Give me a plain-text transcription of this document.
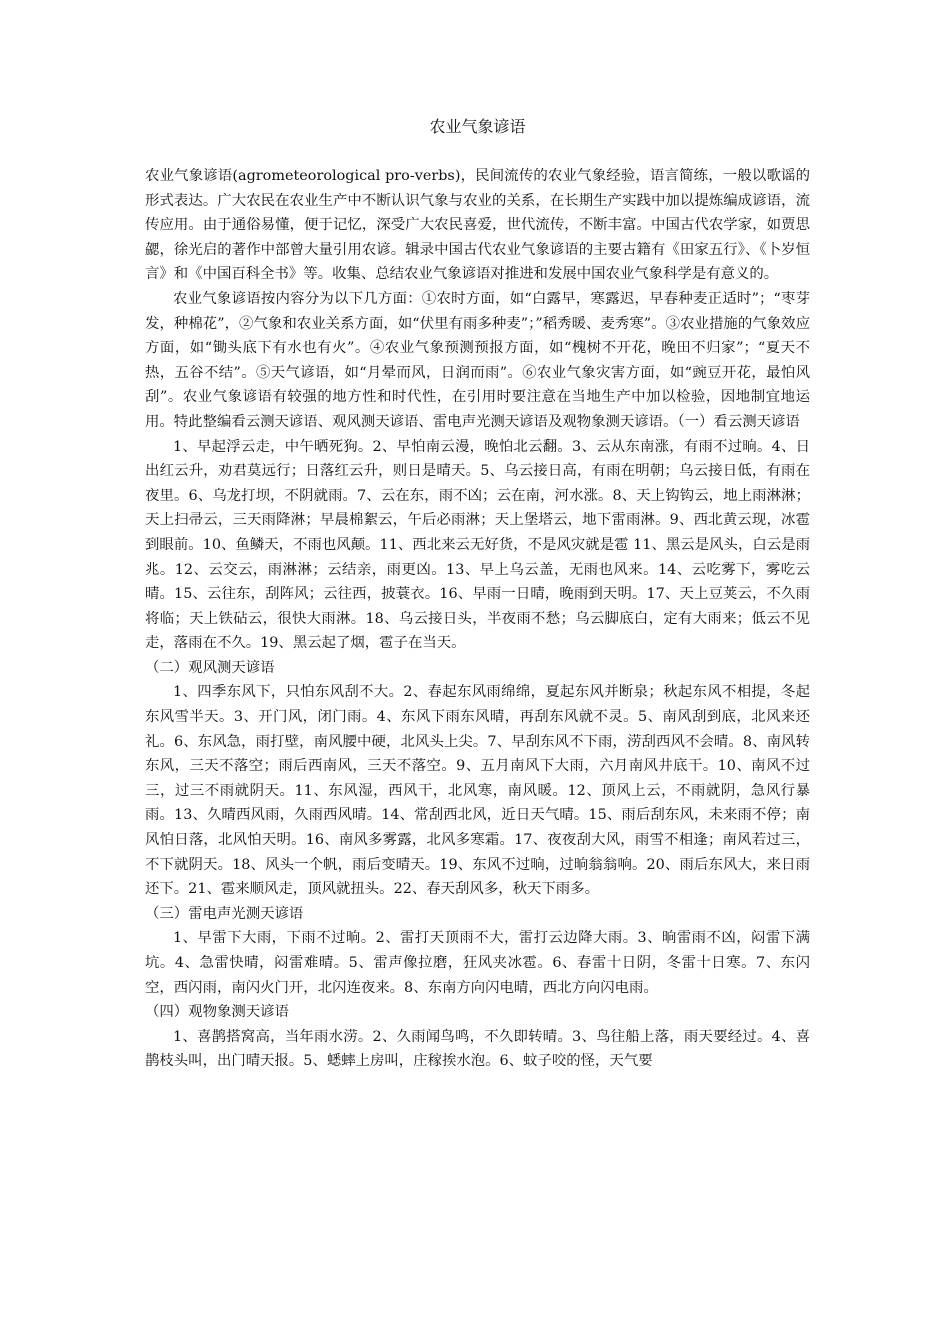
农业气象谚语

农业气象谚语(agrometeorological pro-verbs)，民间流传的农业气象经验，语言简练，一般以歌谣的形式表达。广大农民在农业生产中不断认识气象与农业的关系，在长期生产实践中加以提炼编成谚语，流传应用。由于通俗易懂，便于记忆，深受广大农民喜爱，世代流传，不断丰富。中国古代农学家，如贾思勰，徐光启的著作中部曾大量引用农谚。辑录中国古代农业气象谚语的主要古籍有《田家五行》、《卜岁恒言》和《中国百科全书》等。收集、总结农业气象谚语对推进和发展中国农业气象科学是有意义的。

农业气象谚语按内容分为以下几方面：①农时方面，如“白露早，寒露迟，早春种麦正适时”；“枣芽发，种棉花”，②气象和农业关系方面，如“伏里有雨多种麦”；”稻秀暖、麦秀寒”。③农业措施的气象效应方面，如“锄头底下有水也有火”。④农业气象预测预报方面，如“槐树不开花，晚田不归家”；“夏天不热，五谷不结”。⑤天气谚语，如“月晕而风，日润而雨”。⑥农业气象灾害方面，如“豌豆开花，最怕风刮”。农业气象谚语有较强的地方性和时代性，在引用时要注意在当地生产中加以检验，因地制宜地运用。特此整编看云测天谚语、观风测天谚语、雷电声光测天谚语及观物象测天谚语。（一）看云测天谚语

1、早起浮云走，中午晒死狗。2、早怕南云漫，晚怕北云翻。3、云从东南涨，有雨不过晌。4、日出红云升，劝君莫远行；日落红云升，则日是晴天。5、乌云接日高，有雨在明朝；乌云接日低，有雨在夜里。6、乌龙打坝，不阴就雨。7、云在东，雨不凶；云在南，河水涨。8、天上钩钩云，地上雨淋淋；天上扫帚云，三天雨降淋；早晨棉絮云，午后必雨淋；天上堡塔云，地下雷雨淋。9、西北黄云现，冰雹到眼前。10、鱼鳞天，不雨也风颠。11、西北来云无好货，不是风灾就是雹 11、黑云是风头，白云是雨兆。12、云交云，雨淋淋；云结亲，雨更凶。13、早上乌云盖，无雨也风来。14、云吃雾下，雾吃云晴。15、云往东，刮阵风；云往西，披蓑衣。16、早雨一日晴，晚雨到天明。17、天上豆荚云，不久雨将临；天上铁砧云，很快大雨淋。18、乌云接日头，半夜雨不愁；乌云脚底白，定有大雨来；低云不见走，落雨在不久。19、黑云起了烟，雹子在当天。

（二）观风测天谚语

1、四季东风下，只怕东风刮不大。2、春起东风雨绵绵，夏起东风并断泉；秋起东风不相提，冬起东风雪半天。3、开门风，闭门雨。4、东风下雨东风晴，再刮东风就不灵。5、南风刮到底，北风来还礼。6、东风急，雨打壁，南风腰中硬，北风头上尖。7、早刮东风不下雨，涝刮西风不会晴。8、南风转东风，三天不落空；雨后西南风，三天不落空。9、五月南风下大雨，六月南风井底干。10、南风不过三，过三不雨就阴天。11、东风湿，西风干，北风寒，南风暖。12、顶风上云，不雨就阴，急风行暴雨。13、久晴西风雨，久雨西风晴。14、常刮西北风，近日天气晴。15、雨后刮东风，未来雨不停；南风怕日落，北风怕天明。16、南风多雾露，北风多寒霜。17、夜夜刮大风，雨雪不相逢；南风若过三，不下就阴天。18、风头一个帆，雨后变晴天。19、东风不过晌，过晌翁翁响。20、雨后东风大，来日雨还下。21、雹来顺风走，顶风就扭头。22、春天刮风多，秋天下雨多。

（三）雷电声光测天谚语

1、早雷下大雨，下雨不过晌。2、雷打天顶雨不大，雷打云边降大雨。3、晌雷雨不凶，闷雷下满坑。4、急雷快晴，闷雷难晴。5、雷声像拉磨，狂风夹冰雹。6、春雷十日阴，冬雷十日寒。7、东闪空，西闪雨，南闪火门开，北闪连夜来。8、东南方向闪电晴，西北方向闪电雨。

（四）观物象测天谚语

1、喜鹊搭窝高，当年雨水涝。2、久雨闻鸟鸣，不久即转晴。3、鸟往船上落，雨天要经过。4、喜鹊枝头叫，出门晴天报。5、蟋蟀上房叫，庄稼挨水泡。6、蚊子咬的怪，天气要
